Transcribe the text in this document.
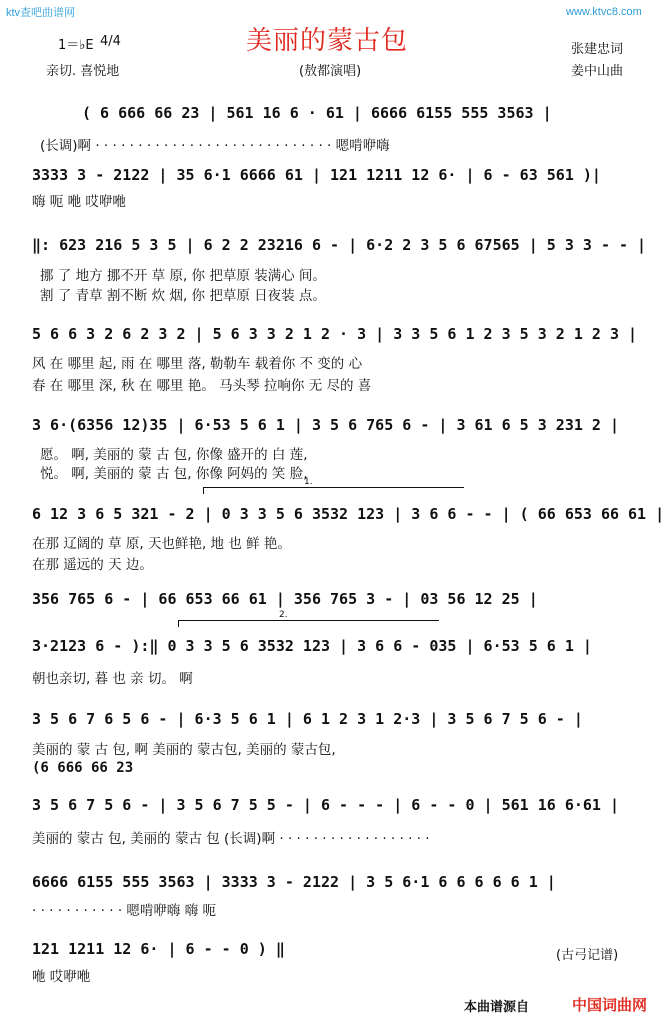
ktv查吧曲谱网	www.ktvc8.com
美丽的蒙古包
1＝♭E 4/4
张建忠词
亲切. 喜悦地	(敖都演唱)	姜中山曲
( 6 666 66 23 | 561 16 6 · 61 | 6666 6155 555 3563 |
(长调)啊 · · · · · · · · · · · · · · · · · · · · · · · · · · · · 嗯啃咿嗨
3333 3 - 2122 | 35 6·1 6666 61 | 121 1211 12 6· | 6 - 63 561 )|
嗨 呃 咃 哎咿咃
‖: 623 216 5 3 5 | 6 2 2 23216 6 - | 6·2 2 3 5 6 67565 | 5 3 3 - - |
挪 了 地方 挪不开 草 原, 你 把草原 装满心 间。
割 了 青草 割不断 炊 烟, 你 把草原 日夜装 点。
5 6 6 3 2 6 2 3 2 | 5 6 3 3 2 1 2 · 3 | 3 3 5 6 1 2 3 5 3 2 1 2 3 |
风 在 哪里 起, 雨 在 哪里 落, 勒勒车 载着你 不 变的 心
春 在 哪里 深, 秋 在 哪里 艳。 马头琴 拉响你 无 尽的 喜
3 6·(6356 12)35 | 6·53 5 6 1 | 3 5 6 765 6 - | 3 61 6 5 3 231 2 |
愿。 啊, 美丽的 蒙 古 包, 你像 盛开的 白 莲,
悦。 啊, 美丽的 蒙 古 包, 你像 阿妈的 笑 脸,
1.
6 12 3 6 5 321 - 2 | 0 3 3 5 6 3532 123 | 3 6 6 - - | ( 66 653 66 61 |
在那 辽阔的 草 原, 天也鲜艳, 地 也 鲜 艳。
在那 遥远的 天 边。
356 765 6 - | 66 653 66 61 | 356 765 3 - | 03 56 12 25 |
2.
3·2123 6 - ):‖ 0 3 3 5 6 3532 123 | 3 6 6 - 035 | 6·53 5 6 1 |
朝也亲切, 暮 也 亲 切。 啊
3 5 6 7 6 5 6 - | 6·3 5 6 1 | 6 1 2 3 1 2·3 | 3 5 6 7 5 6 - |
美丽的 蒙 古 包, 啊 美丽的 蒙古包, 美丽的 蒙古包,
(6 666 66 23
3 5 6 7 5 6 - | 3 5 6 7 5 5 - | 6 - - - | 6 - - 0 | 561 16 6·61 |
美丽的 蒙古 包, 美丽的 蒙古 包 (长调)啊 · · · · · · · · · · · · · · · · · ·
6666 6155 555 3563 | 3333 3 - 2122 | 3 5 6·1 6 6 6 6 6 1 |
· · · · · · · · · · · 嗯啃咿嗨 嗨 呃
121 1211 12 6· | 6 - - 0 ) ‖
咃 哎咿咃
(古弓记谱)
本曲谱源自	中国词曲网
